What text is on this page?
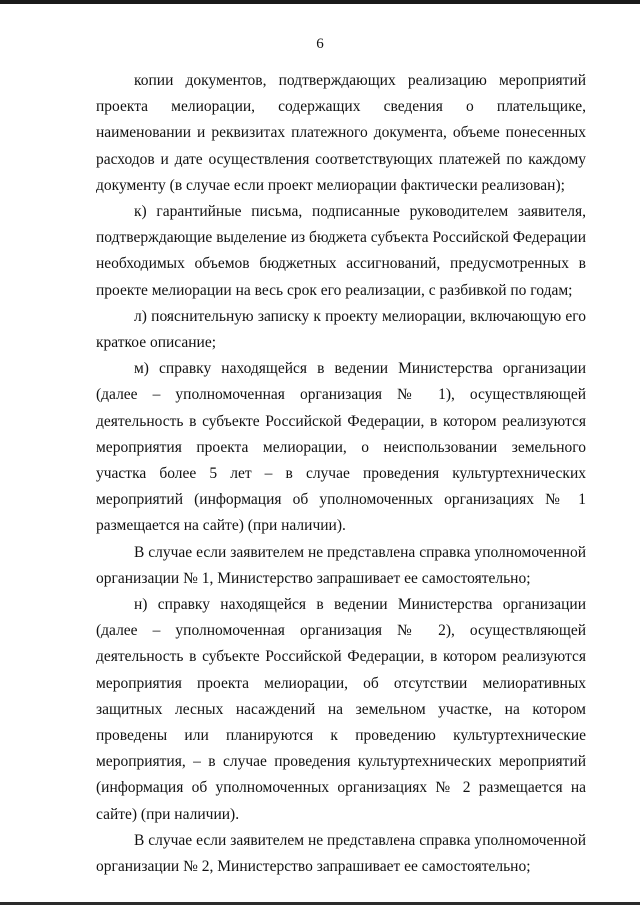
6

копии документов, подтверждающих реализацию мероприятий проекта мелиорации, содержащих сведения о плательщике, наименовании и реквизитах платежного документа, объеме понесенных расходов и дате осуществления соответствующих платежей по каждому документу (в случае если проект мелиорации фактически реализован);

к) гарантийные письма, подписанные руководителем заявителя, подтверждающие выделение из бюджета субъекта Российской Федерации необходимых объемов бюджетных ассигнований, предусмотренных в проекте мелиорации на весь срок его реализации, с разбивкой по годам;

л) пояснительную записку к проекту мелиорации, включающую его краткое описание;

м) справку находящейся в ведении Министерства организации (далее – уполномоченная организация № 1), осуществляющей деятельность в субъекте Российской Федерации, в котором реализуются мероприятия проекта мелиорации, о неиспользовании земельного участка более 5 лет – в случае проведения культуртехнических мероприятий (информация об уполномоченных организациях № 1 размещается на сайте) (при наличии).

В случае если заявителем не представлена справка уполномоченной организации № 1, Министерство запрашивает ее самостоятельно;

н) справку находящейся в ведении Министерства организации (далее – уполномоченная организация № 2), осуществляющей деятельность в субъекте Российской Федерации, в котором реализуются мероприятия проекта мелиорации, об отсутствии мелиоративных защитных лесных насаждений на земельном участке, на котором проведены или планируются к проведению культуртехнические мероприятия, – в случае проведения культуртехнических мероприятий (информация об уполномоченных организациях № 2 размещается на сайте) (при наличии).

В случае если заявителем не представлена справка уполномоченной организации № 2, Министерство запрашивает ее самостоятельно;
